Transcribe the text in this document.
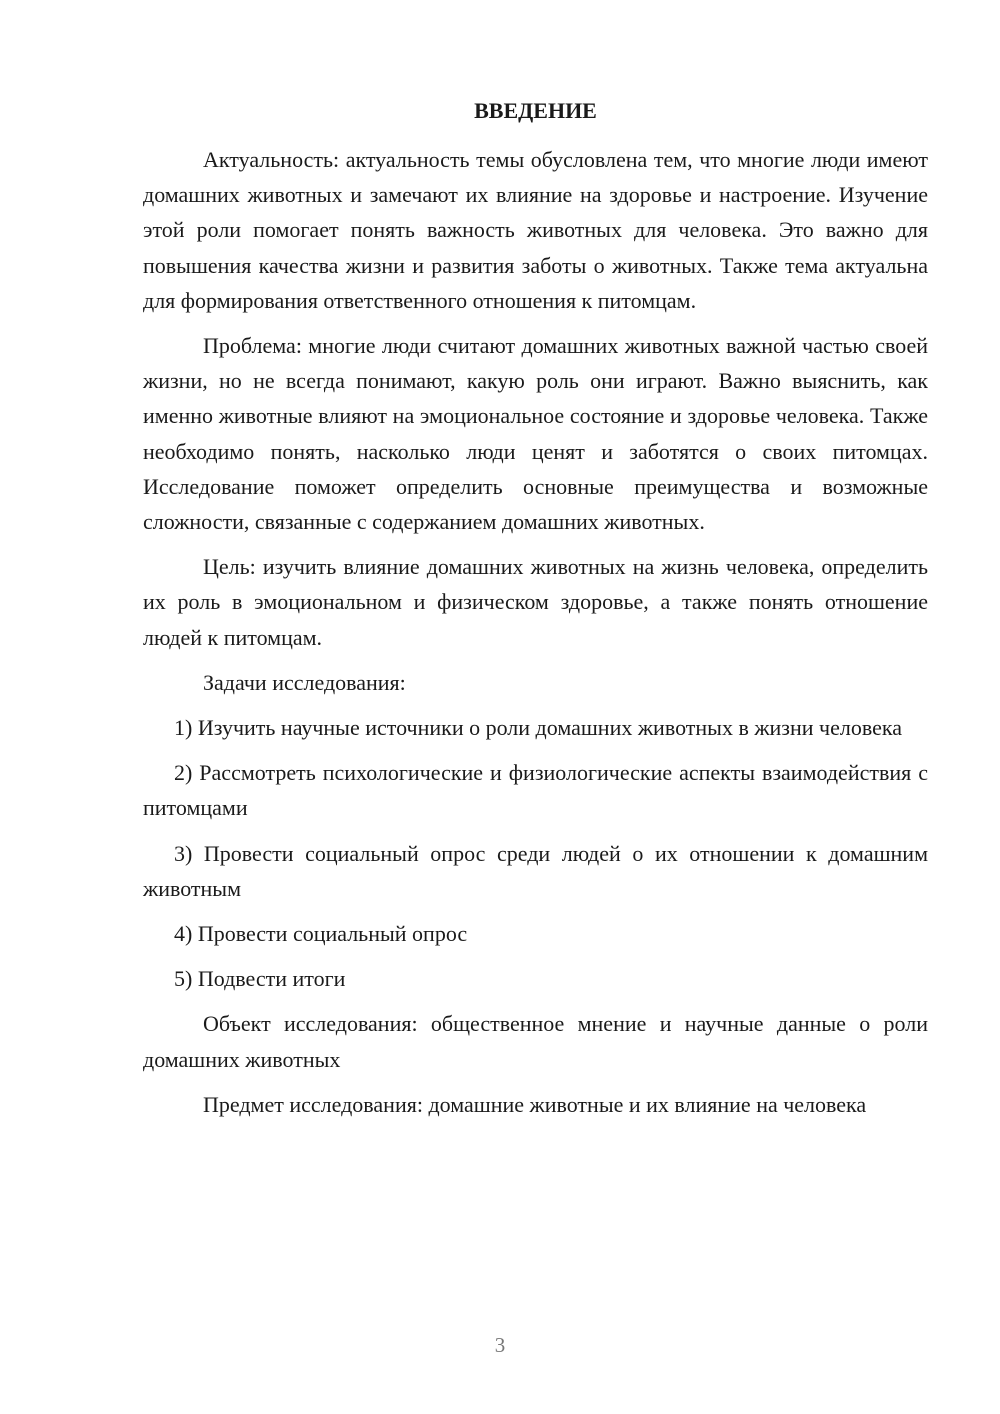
ВВЕДЕНИЕ

Актуальность: актуальность темы обусловлена тем, что многие люди имеют домашних животных и замечают их влияние на здоровье и настроение. Изучение этой роли помогает понять важность животных для человека. Это важно для повышения качества жизни и развития заботы о животных. Также тема актуальна для формирования ответственного отношения к питомцам.

Проблема: многие люди считают домашних животных важной частью своей жизни, но не всегда понимают, какую роль они играют. Важно выяснить, как именно животные влияют на эмоциональное состояние и здоровье человека. Также необходимо понять, насколько люди ценят и заботятся о своих питомцах. Исследование поможет определить основные преимущества и возможные сложности, связанные с содержанием домашних животных.

Цель: изучить влияние домашних животных на жизнь человека, определить их роль в эмоциональном и физическом здоровье, а также понять отношение людей к питомцам.

Задачи исследования:

1) Изучить научные источники о роли домашних животных в жизни человека

2) Рассмотреть психологические и физиологические аспекты взаимодействия с питомцами

3) Провести социальный опрос среди людей о их отношении к домашним животным

4) Провести социальный опрос

5) Подвести итоги

Объект исследования: общественное мнение и научные данные о роли домашних животных

Предмет исследования: домашние животные и их влияние на человека

3
